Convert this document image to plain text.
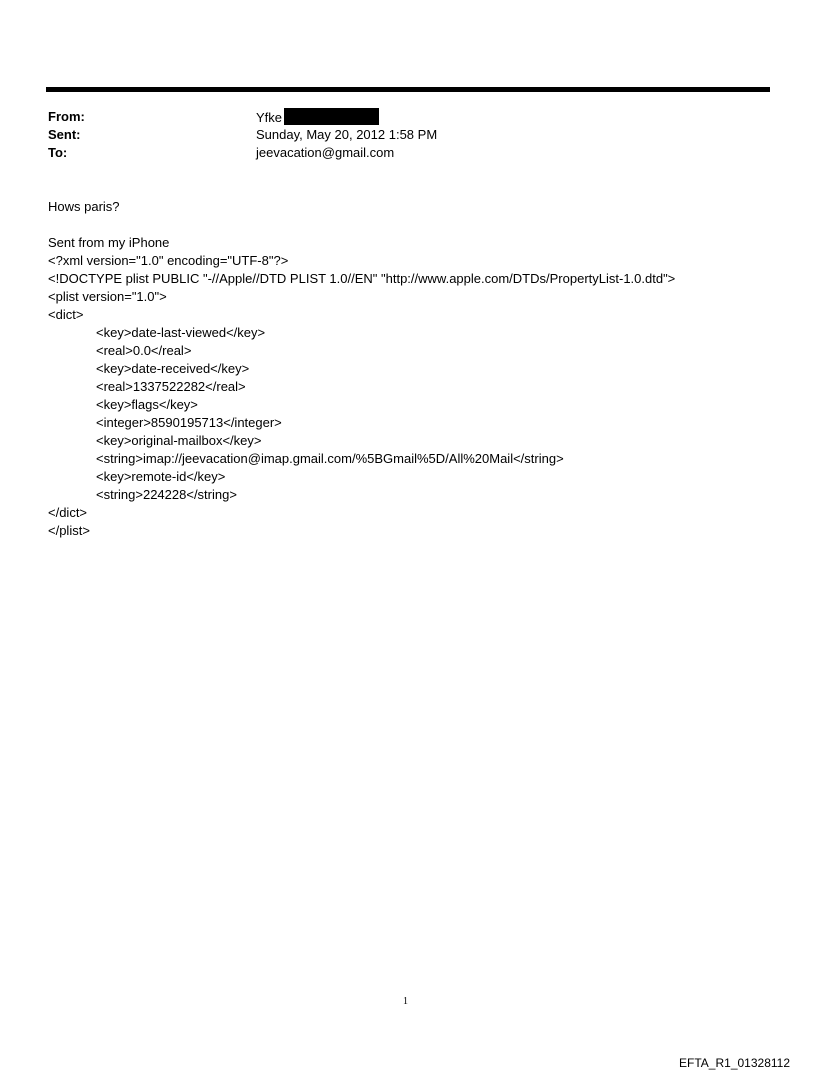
From:	Yfke
Sent:	Sunday, May 20, 2012 1:58 PM
To:	jeevacation@gmail.com
Hows paris?
Sent from my iPhone
<?xml version="1.0" encoding="UTF-8"?>
<!DOCTYPE plist PUBLIC "-//Apple//DTD PLIST 1.0//EN" "http://www.apple.com/DTDs/PropertyList-1.0.dtd">
<plist version="1.0">
<dict>
<key>date-last-viewed</key>
<real>0.0</real>
<key>date-received</key>
<real>1337522282</real>
<key>flags</key>
<integer>8590195713</integer>
<key>original-mailbox</key>
<string>imap://jeevacation@imap.gmail.com/%5BGmail%5D/All%20Mail</string>
<key>remote-id</key>
<string>224228</string>
</dict>
</plist>
1
EFTA_R1_01328112
